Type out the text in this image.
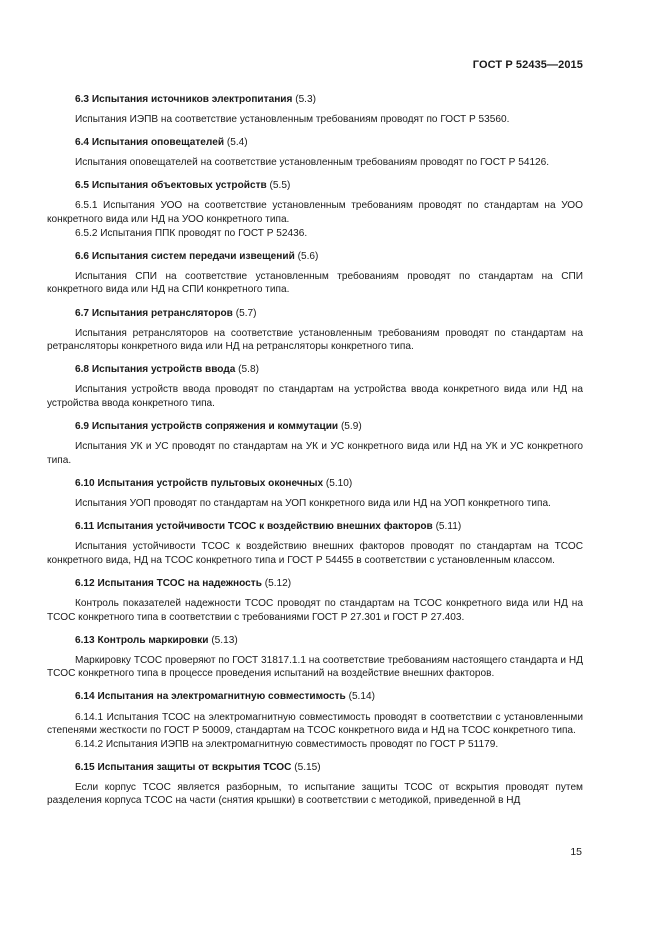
ГОСТ Р 52435—2015
6.3 Испытания источников электропитания (5.3)

Испытания ИЭПВ на соответствие установленным требованиям проводят по ГОСТ Р 53560.

6.4 Испытания оповещателей (5.4)

Испытания оповещателей на соответствие установленным требованиям проводят по ГОСТ Р 54126.

6.5 Испытания объектовых устройств (5.5)

6.5.1 Испытания УОО на соответствие установленным требованиям проводят по стандартам на УОО конкретного вида или НД на УОО конкретного типа.

6.5.2 Испытания ППК проводят по ГОСТ Р 52436.

6.6 Испытания систем передачи извещений (5.6)

Испытания СПИ на соответствие установленным требованиям проводят по стандартам на СПИ конкретного вида или НД на СПИ конкретного типа.

6.7 Испытания ретрансляторов (5.7)

Испытания ретрансляторов на соответствие установленным требованиям проводят по стандартам на ретрансляторы конкретного вида или НД на ретрансляторы конкретного типа.

6.8 Испытания устройств ввода (5.8)

Испытания устройств ввода проводят по стандартам на устройства ввода конкретного вида или НД на устройства ввода конкретного типа.

6.9 Испытания устройств сопряжения и коммутации (5.9)

Испытания УК и УС проводят по стандартам на УК и УС конкретного вида или НД на УК и УС конкретного типа.

6.10 Испытания устройств пультовых оконечных (5.10)

Испытания УОП проводят по стандартам на УОП конкретного вида или НД на УОП конкретного типа.

6.11 Испытания устойчивости ТСОС к воздействию внешних факторов (5.11)

Испытания устойчивости ТСОС к воздействию внешних факторов проводят по стандартам на ТСОС конкретного вида, НД на ТСОС конкретного типа и ГОСТ Р 54455 в соответствии с установленным классом.

6.12 Испытания ТСОС на надежность (5.12)

Контроль показателей надежности ТСОС проводят по стандартам на ТСОС конкретного вида или НД на ТСОС конкретного типа в соответствии с требованиями ГОСТ Р 27.301 и ГОСТ Р 27.403.

6.13 Контроль маркировки (5.13)

Маркировку ТСОС проверяют по ГОСТ 31817.1.1 на соответствие требованиям настоящего стандарта и НД ТСОС конкретного типа в процессе проведения испытаний на воздействие внешних факторов.

6.14 Испытания на электромагнитную совместимость (5.14)

6.14.1 Испытания ТСОС на электромагнитную совместимость проводят в соответствии с установленными степенями жесткости по ГОСТ Р 50009, стандартам на ТСОС конкретного вида и НД на ТСОС конкретного типа.

6.14.2 Испытания ИЭПВ на электромагнитную совместимость проводят по ГОСТ Р 51179.

6.15 Испытания защиты от вскрытия ТСОС (5.15)

Если корпус ТСОС является разборным, то испытание защиты ТСОС от вскрытия проводят путем разделения корпуса ТСОС на части (снятия крышки) в соответствии с методикой, приведенной в НД

15
